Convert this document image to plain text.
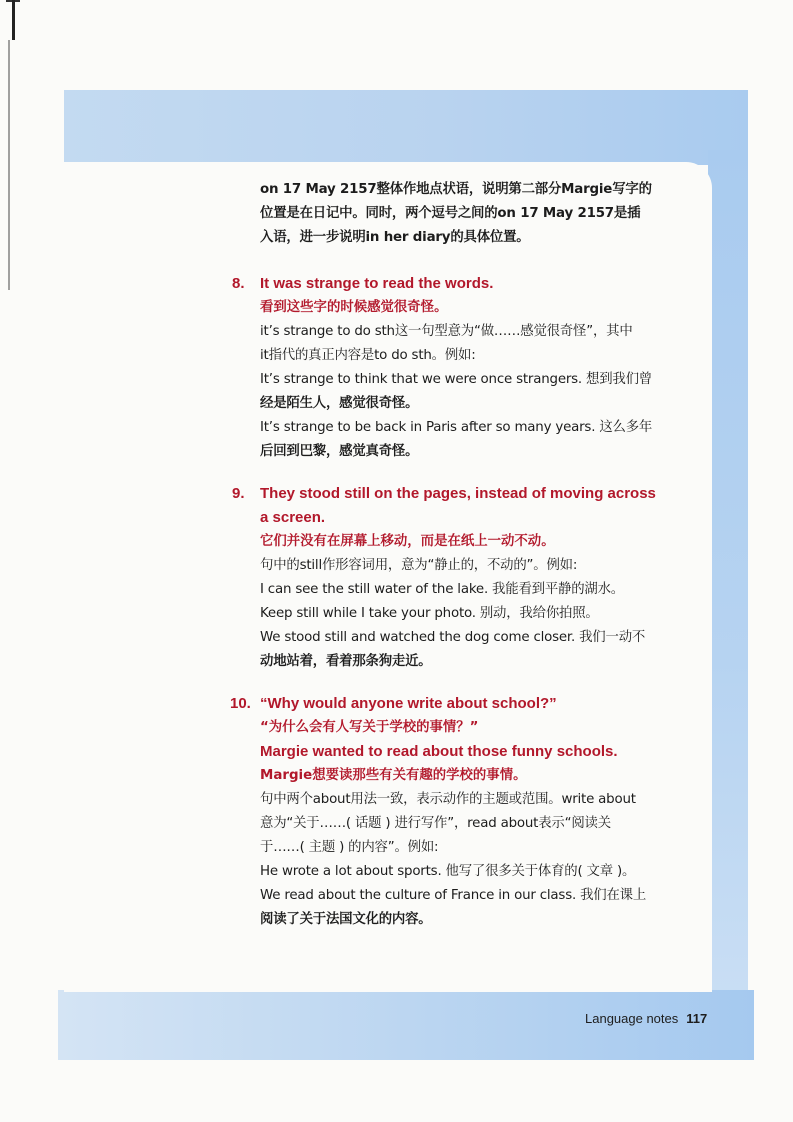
on 17 May 2157整体作地点状语，说明第二部分Margie写字的

位置是在日记中。同时，两个逗号之间的on 17 May 2157是插

入语，进一步说明in her diary的具体位置。

8. It was strange to read the words.

看到这些字的时候感觉很奇怪。

it’s strange to do sth这一句型意为“做……感觉很奇怪”，其中

it指代的真正内容是to do sth。例如:

It’s strange to think that we were once strangers. 想到我们曾

经是陌生人，感觉很奇怪。

It’s strange to be back in Paris after so many years. 这么多年

后回到巴黎，感觉真奇怪。

9. They stood still on the pages, instead of moving across

a screen.

它们并没有在屏幕上移动，而是在纸上一动不动。

句中的still作形容词用，意为“静止的，不动的”。例如:

I can see the still water of the lake. 我能看到平静的湖水。

Keep still while I take your photo. 别动，我给你拍照。

We stood still and watched the dog come closer. 我们一动不

动地站着，看着那条狗走近。

10. “Why would anyone write about school?”

“为什么会有人写关于学校的事情？”

Margie wanted to read about those funny schools.

Margie想要读那些有关有趣的学校的事情。

句中两个about用法一致，表示动作的主题或范围。write about

意为“关于……( 话题 ) 进行写作”，read about表示“阅读关

于……( 主题 ) 的内容”。例如:

He wrote a lot about sports. 他写了很多关于体育的( 文章 )。

We read about the culture of France in our class. 我们在课上

阅读了关于法国文化的内容。

Language notes 117
